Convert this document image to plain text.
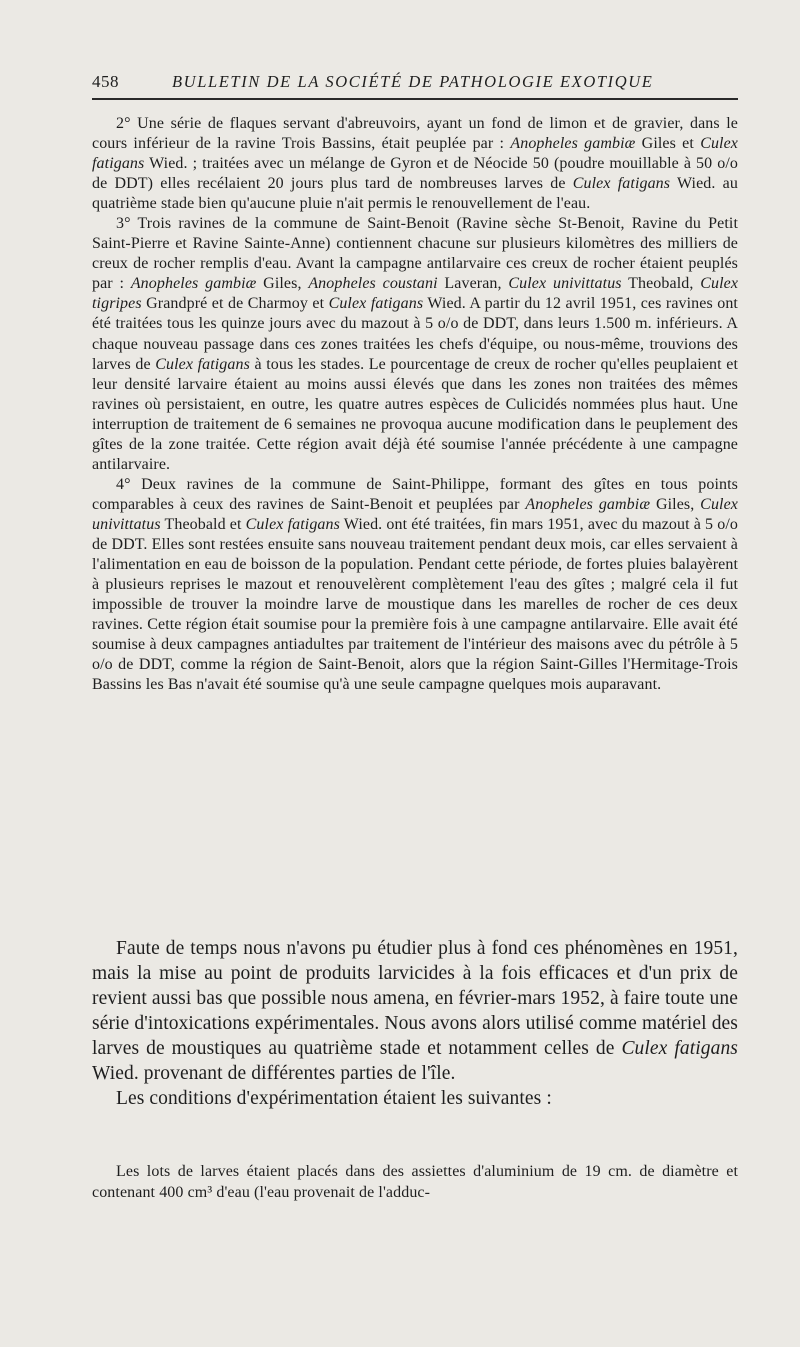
458	BULLETIN DE LA SOCIÉTÉ DE PATHOLOGIE EXOTIQUE

2° Une série de flaques servant d'abreuvoirs, ayant un fond de limon et de gravier, dans le cours inférieur de la ravine Trois Bassins, était peuplée par : Anopheles gambiæ Giles et Culex fatigans Wied. ; traitées avec un mélange de Gyron et de Néocide 50 (poudre mouillable à 50 o/o de DDT) elles recélaient 20 jours plus tard de nombreuses larves de Culex fatigans Wied. au quatrième stade bien qu'aucune pluie n'ait permis le renouvellement de l'eau.

3° Trois ravines de la commune de Saint-Benoit (Ravine sèche St-Benoit, Ravine du Petit Saint-Pierre et Ravine Sainte-Anne) contiennent chacune sur plusieurs kilomètres des milliers de creux de rocher remplis d'eau. Avant la campagne antilarvaire ces creux de rocher étaient peuplés par : Anopheles gambiæ Giles, Anopheles coustani Laveran, Culex univittatus Theobald, Culex tigripes Grandpré et de Charmoy et Culex fatigans Wied. A partir du 12 avril 1951, ces ravines ont été traitées tous les quinze jours avec du mazout à 5 o/o de DDT, dans leurs 1.500 m. inférieurs. A chaque nouveau passage dans ces zones traitées les chefs d'équipe, ou nous-même, trouvions des larves de Culex fatigans à tous les stades. Le pourcentage de creux de rocher qu'elles peuplaient et leur densité larvaire étaient au moins aussi élevés que dans les zones non traitées des mêmes ravines où persistaient, en outre, les quatre autres espèces de Culicidés nommées plus haut. Une interruption de traitement de 6 semaines ne provoqua aucune modification dans le peuplement des gîtes de la zone traitée. Cette région avait déjà été soumise l'année précédente à une campagne antilarvaire.

4° Deux ravines de la commune de Saint-Philippe, formant des gîtes en tous points comparables à ceux des ravines de Saint-Benoit et peuplées par Anopheles gambiæ Giles, Culex univittatus Theobald et Culex fatigans Wied. ont été traitées, fin mars 1951, avec du mazout à 5 o/o de DDT. Elles sont restées ensuite sans nouveau traitement pendant deux mois, car elles servaient à l'alimentation en eau de boisson de la population. Pendant cette période, de fortes pluies balayèrent à plusieurs reprises le mazout et renouvelèrent complètement l'eau des gîtes ; malgré cela il fut impossible de trouver la moindre larve de moustique dans les marelles de rocher de ces deux ravines. Cette région était soumise pour la première fois à une campagne antilarvaire. Elle avait été soumise à deux campagnes antiadultes par traitement de l'intérieur des maisons avec du pétrôle à 5 o/o de DDT, comme la région de Saint-Benoit, alors que la région Saint-Gilles l'Hermitage-Trois Bassins les Bas n'avait été soumise qu'à une seule campagne quelques mois auparavant.

Faute de temps nous n'avons pu étudier plus à fond ces phénomènes en 1951, mais la mise au point de produits larvicides à la fois efficaces et d'un prix de revient aussi bas que possible nous amena, en février-mars 1952, à faire toute une série d'intoxications expérimentales. Nous avons alors utilisé comme matériel des larves de moustiques au quatrième stade et notamment celles de Culex fatigans Wied. provenant de différentes parties de l'île.

Les conditions d'expérimentation étaient les suivantes :

Les lots de larves étaient placés dans des assiettes d'aluminium de 19 cm. de diamètre et contenant 400 cm³ d'eau (l'eau provenait de l'adduc-
